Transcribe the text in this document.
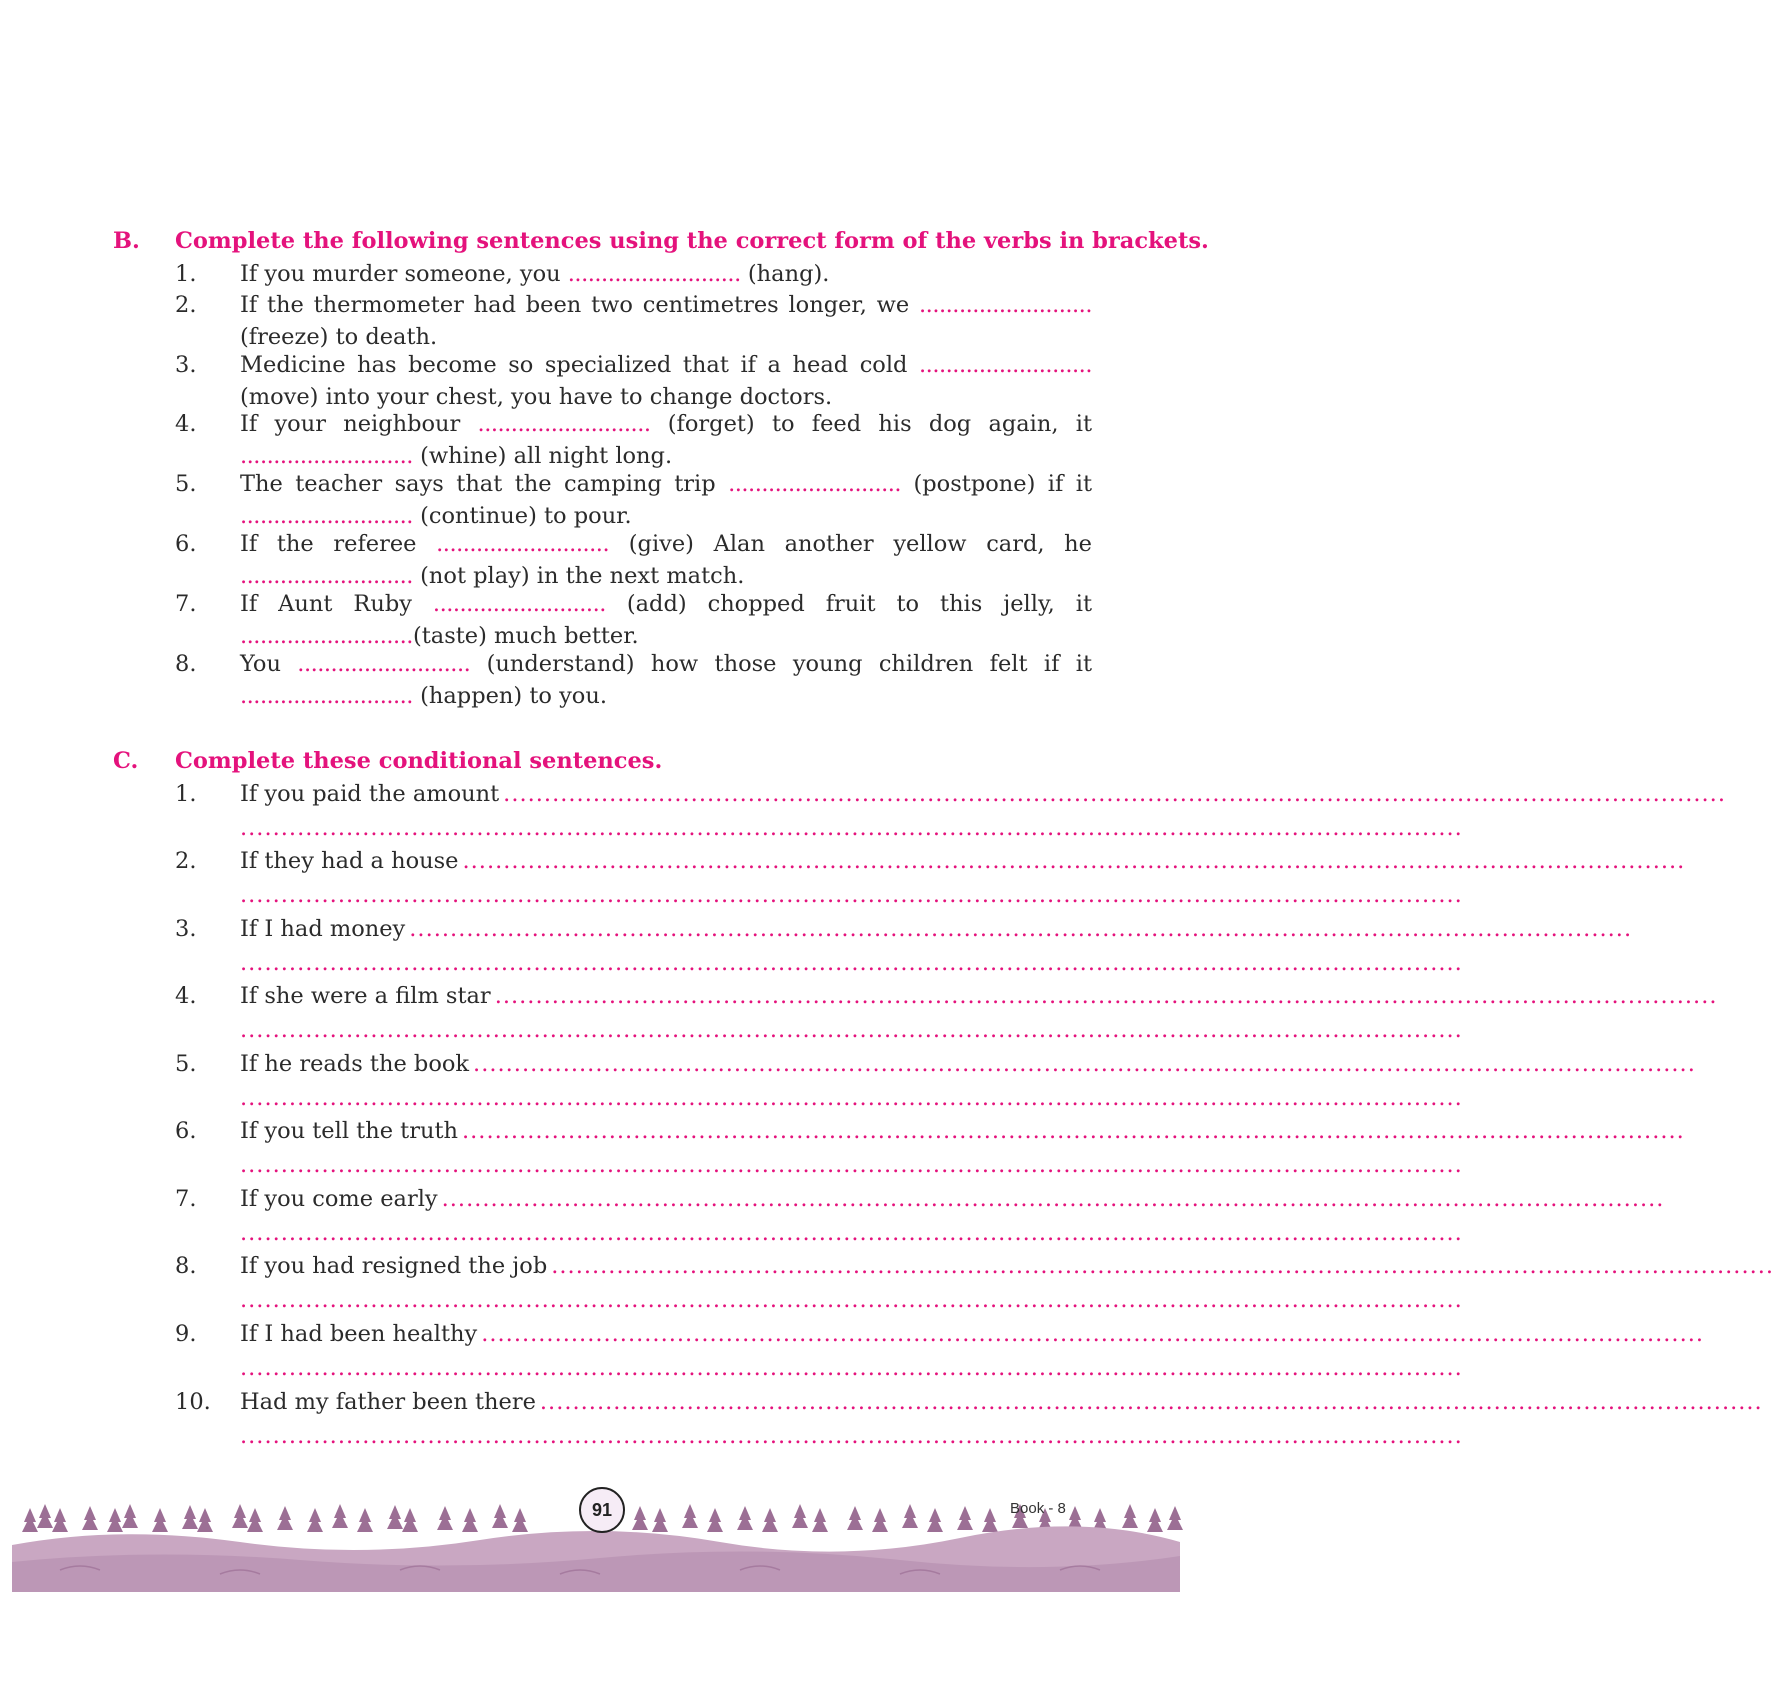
B. Complete the following sentences using the correct form of the verbs in brackets.
1.	If you murder someone, you .......................... (hang).
2.	If the thermometer had been two centimetres longer, we ..........................
(freeze) to death.
3.	Medicine has become so specialized that if a head cold ..........................
(move) into your chest, you have to change doctors.
4.	If your neighbour .......................... (forget) to feed his dog again, it
.......................... (whine) all night long.
5.	The teacher says that the camping trip .......................... (postpone) if it
.......................... (continue) to pour.
6.	If the referee .......................... (give) Alan another yellow card, he
.......................... (not play) in the next match.
7.	If Aunt Ruby .......................... (add) chopped fruit to this jelly, it
..........................(taste) much better.
8.	You .......................... (understand) how those young children felt if it
.......................... (happen) to you.
C. Complete these conditional sentences.
1.	If you paid the amount ......................................................................................................................................................
......................................................................................................................................................
2.	If they had a house ......................................................................................................................................................
......................................................................................................................................................
3.	If I had money ......................................................................................................................................................
......................................................................................................................................................
4.	If she were a film star ......................................................................................................................................................
......................................................................................................................................................
5.	If he reads the book ......................................................................................................................................................
......................................................................................................................................................
6.	If you tell the truth ......................................................................................................................................................
......................................................................................................................................................
7.	If you come early ......................................................................................................................................................
......................................................................................................................................................
8.	If you had resigned the job ......................................................................................................................................................
......................................................................................................................................................
9.	If I had been healthy ......................................................................................................................................................
......................................................................................................................................................
10.	Had my father been there ......................................................................................................................................................
......................................................................................................................................................
91	Book - 8
